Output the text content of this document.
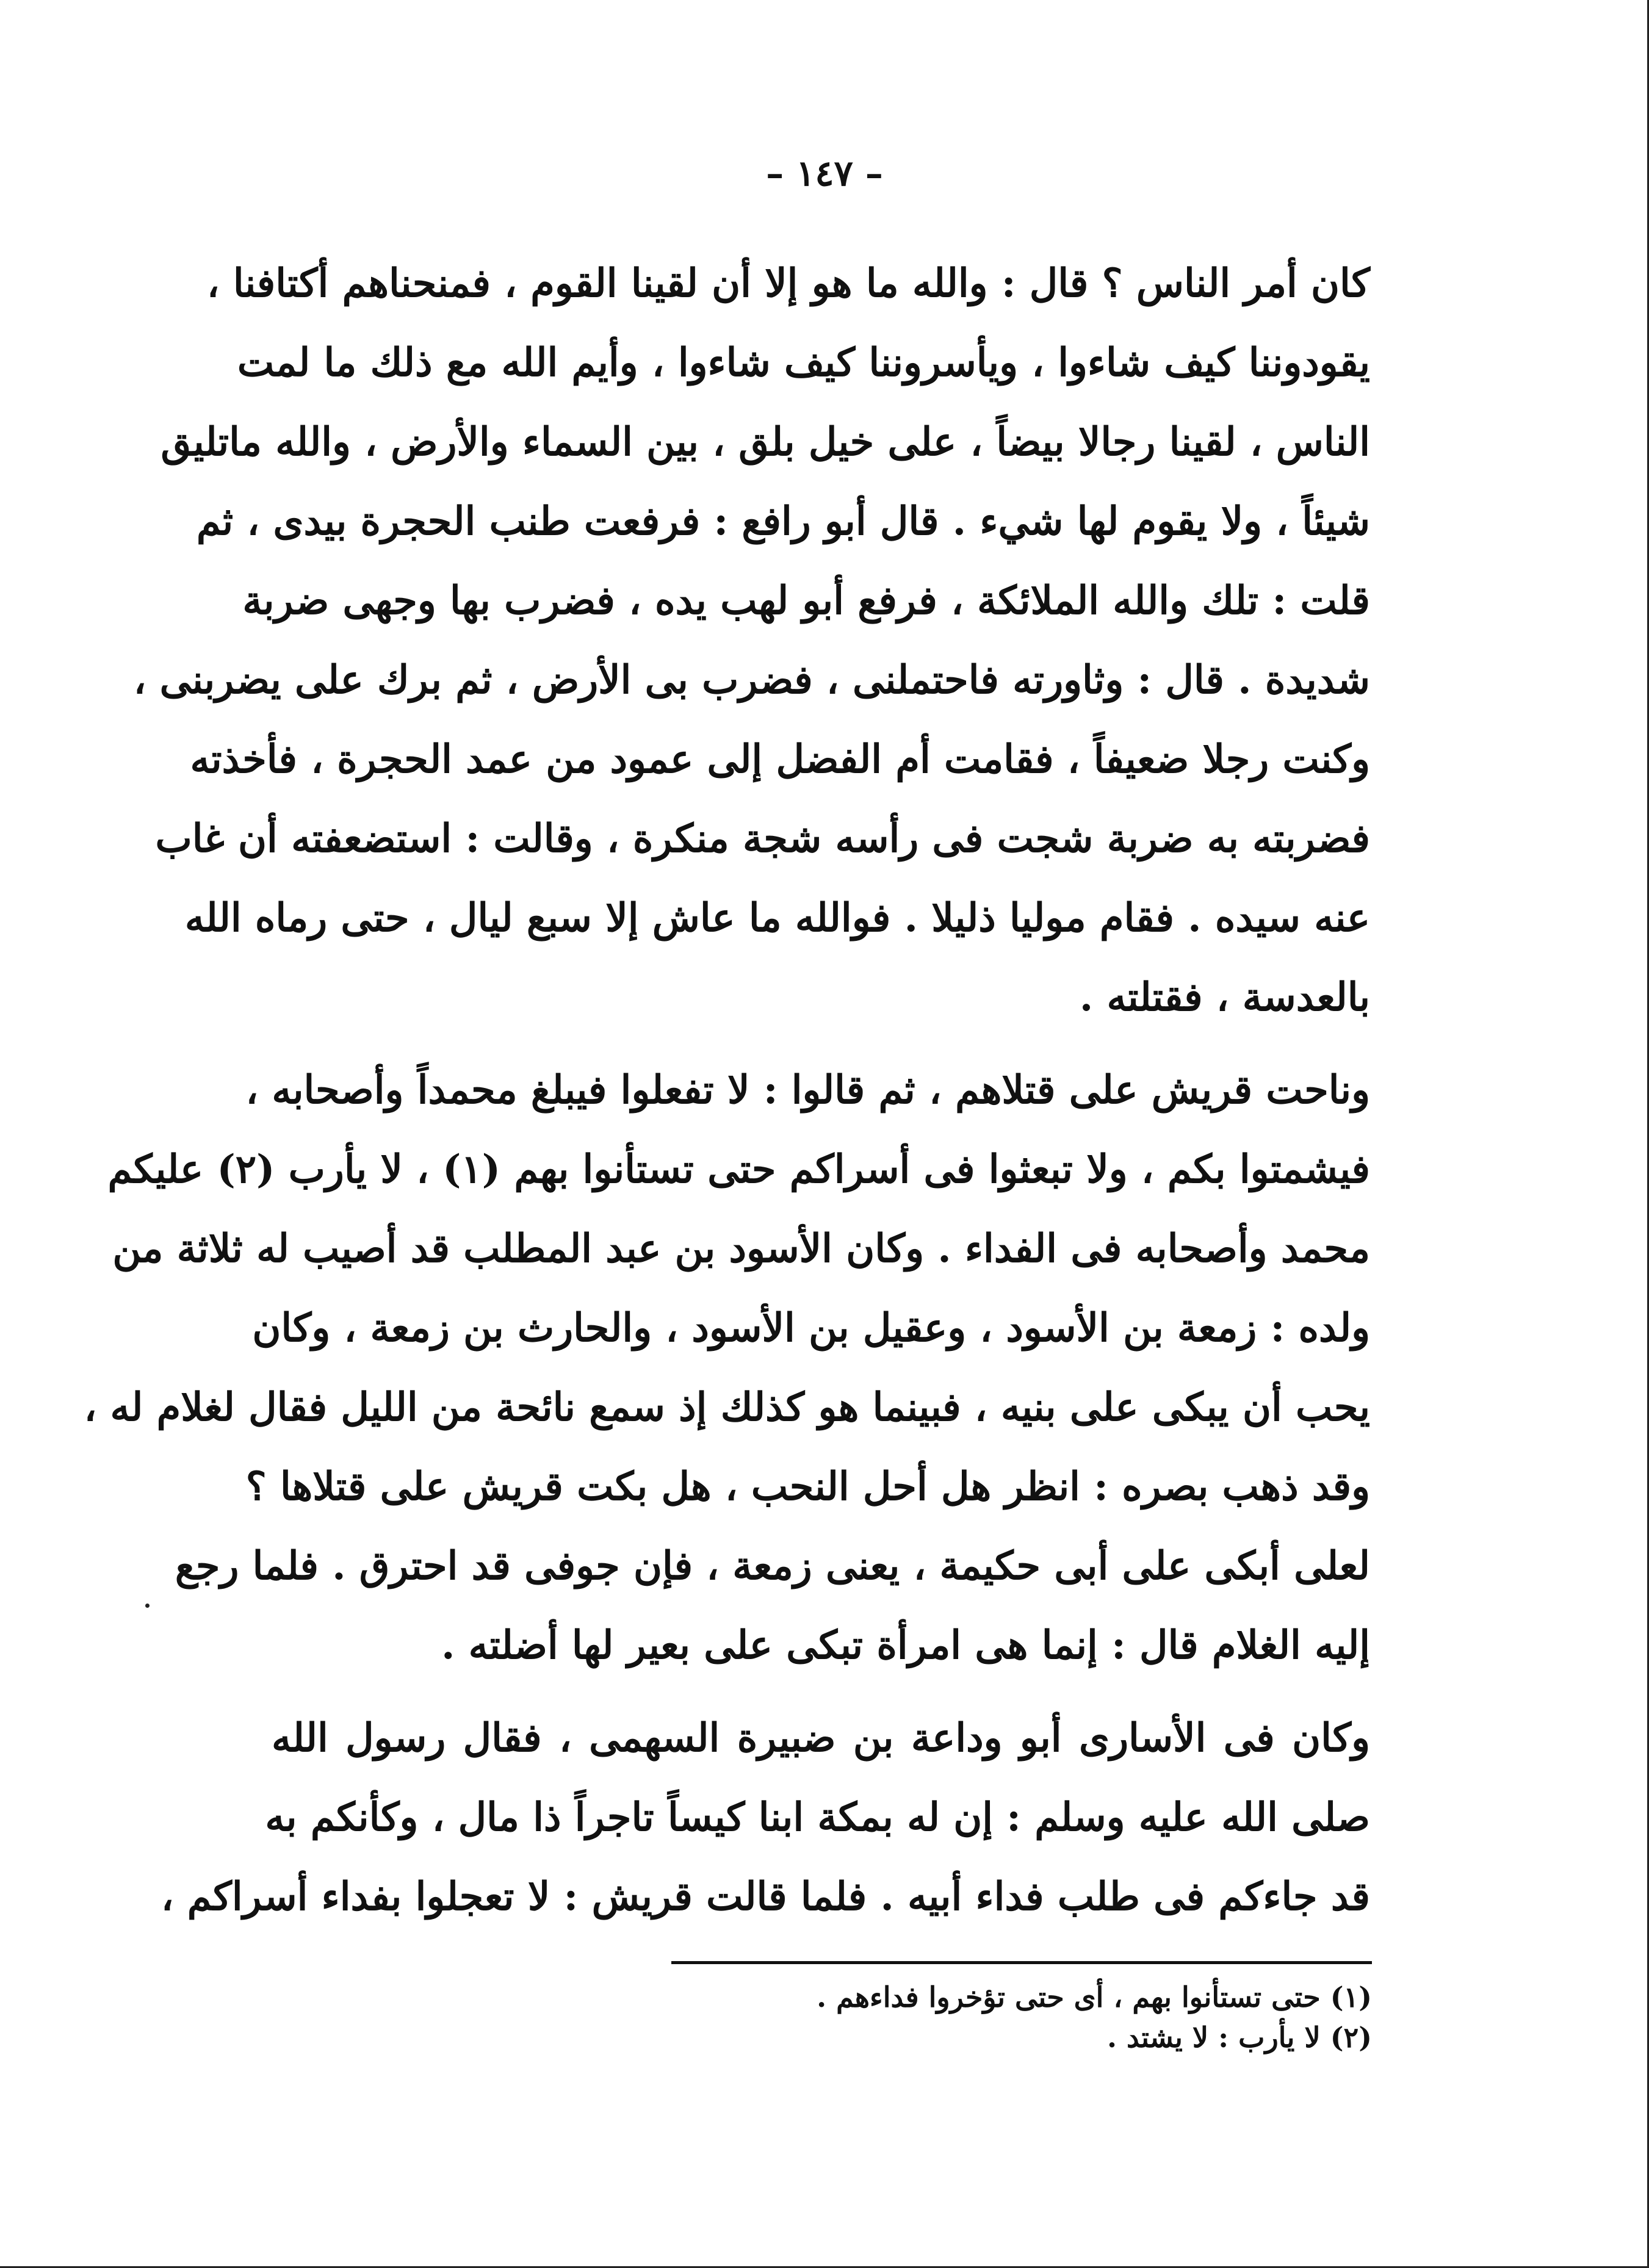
– ١٤٧ –
كان أمر الناس ؟ قال : والله ما هو إلا أن لقينا القوم ، فمنحناهم أكتافنا ،
يقودوننا كيف شاءوا ، ويأسروننا كيف شاءوا ، وأيم الله مع ذلك ما لمت
الناس ، لقينا رجالا بيضاً ، على خيل بلق ، بين السماء والأرض ، والله ماتليق
شيئاً ، ولا يقوم لها شيء . قال أبو رافع : فرفعت طنب الحجرة بيدى ، ثم
قلت : تلك والله الملائكة ، فرفع أبو لهب يده ، فضرب بها وجهى ضربة
شديدة . قال : وثاورته فاحتملنى ، فضرب بى الأرض ، ثم برك على يضربنى ،
وكنت رجلا ضعيفاً ، فقامت أم الفضل إلى عمود من عمد الحجرة ، فأخذته
فضربته به ضربة شجت فى رأسه شجة منكرة ، وقالت : استضعفته أن غاب
عنه سيده . فقام موليا ذليلا . فوالله ما عاش إلا سبع ليال ، حتى رماه الله
بالعدسة ، فقتلته .
وناحت قريش على قتلاهم ، ثم قالوا : لا تفعلوا فيبلغ محمداً وأصحابه ،
فيشمتوا بكم ، ولا تبعثوا فى أسراكم حتى تستأنوا بهم (١) ، لا يأرب (٢) عليكم
محمد وأصحابه فى الفداء . وكان الأسود بن عبد المطلب قد أصيب له ثلاثة من
ولده : زمعة بن الأسود ، وعقيل بن الأسود ، والحارث بن زمعة ، وكان
يحب أن يبكى على بنيه ، فبينما هو كذلك إذ سمع نائحة من الليل فقال لغلام له ،
وقد ذهب بصره : انظر هل أحل النحب ، هل بكت قريش على قتلاها ؟
لعلى أبكى على أبى حكيمة ، يعنى زمعة ، فإن جوفى قد احترق . فلما رجع
إليه الغلام قال : إنما هى امرأة تبكى على بعير لها أضلته .
وكان فى الأسارى أبو وداعة بن ضبيرة السهمى ، فقال رسول الله
صلى الله عليه وسلم : إن له بمكة ابنا كيساً تاجراً ذا مال ، وكأنكم به
قد جاءكم فى طلب فداء أبيه . فلما قالت قريش : لا تعجلوا بفداء أسراكم ،
(١) حتى تستأنوا بهم ، أى حتى تؤخروا فداءهم .
(٢) لا يأرب : لا يشتد .
